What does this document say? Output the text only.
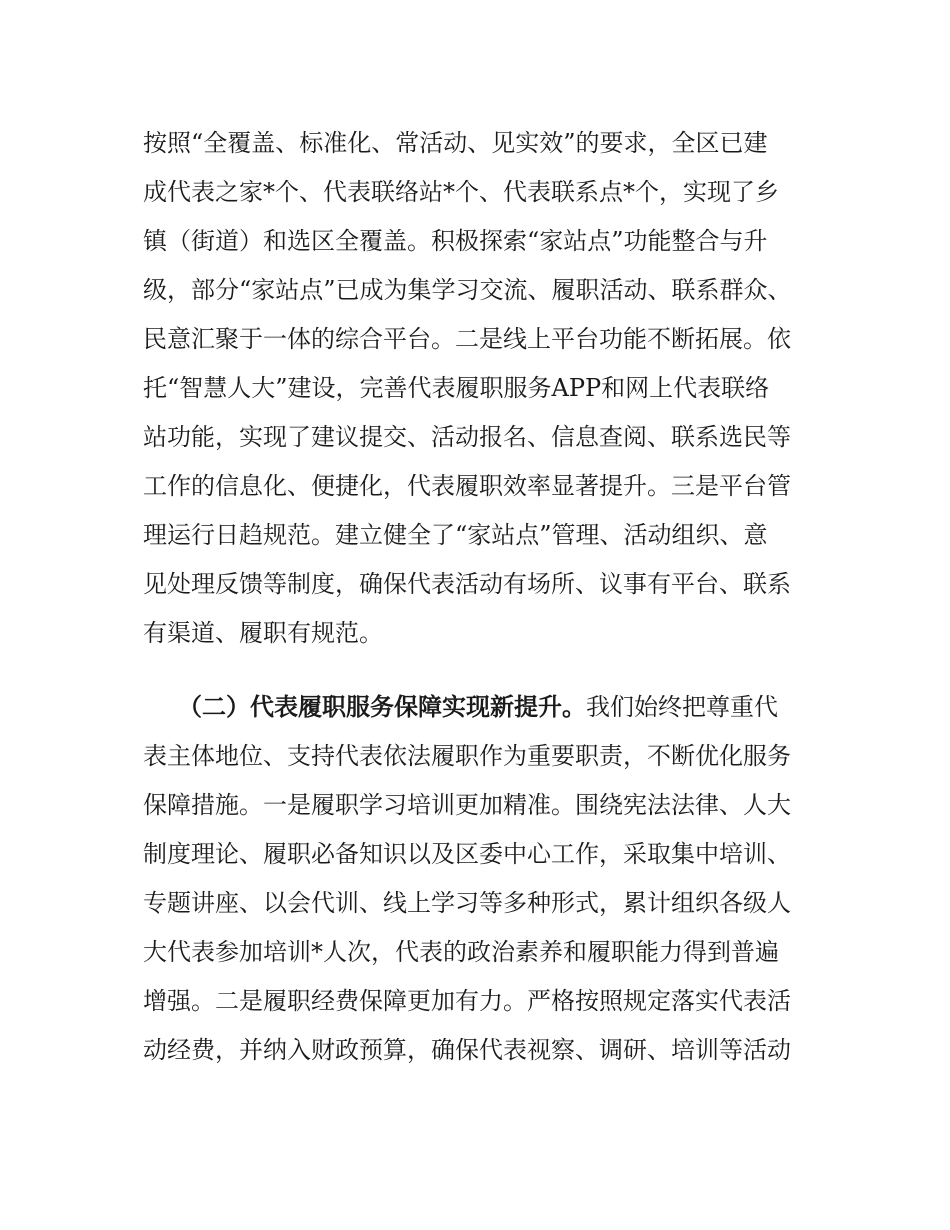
按照“全覆盖、标准化、常活动、见实效”的要求，全区已建
成代表之家*个、代表联络站*个、代表联系点*个，实现了乡
镇（街道）和选区全覆盖。积极探索“家站点”功能整合与升
级，部分“家站点”已成为集学习交流、履职活动、联系群众、
民意汇聚于一体的综合平台。二是线上平台功能不断拓展。依
托“智慧人大”建设，完善代表履职服务APP和网上代表联络
站功能，实现了建议提交、活动报名、信息查阅、联系选民等
工作的信息化、便捷化，代表履职效率显著提升。三是平台管
理运行日趋规范。建立健全了“家站点”管理、活动组织、意
见处理反馈等制度，确保代表活动有场所、议事有平台、联系
有渠道、履职有规范。
（二）代表履职服务保障实现新提升。我们始终把尊重代
表主体地位、支持代表依法履职作为重要职责，不断优化服务
保障措施。一是履职学习培训更加精准。围绕宪法法律、人大
制度理论、履职必备知识以及区委中心工作，采取集中培训、
专题讲座、以会代训、线上学习等多种形式，累计组织各级人
大代表参加培训*人次，代表的政治素养和履职能力得到普遍
增强。二是履职经费保障更加有力。严格按照规定落实代表活
动经费，并纳入财政预算，确保代表视察、调研、培训等活动
